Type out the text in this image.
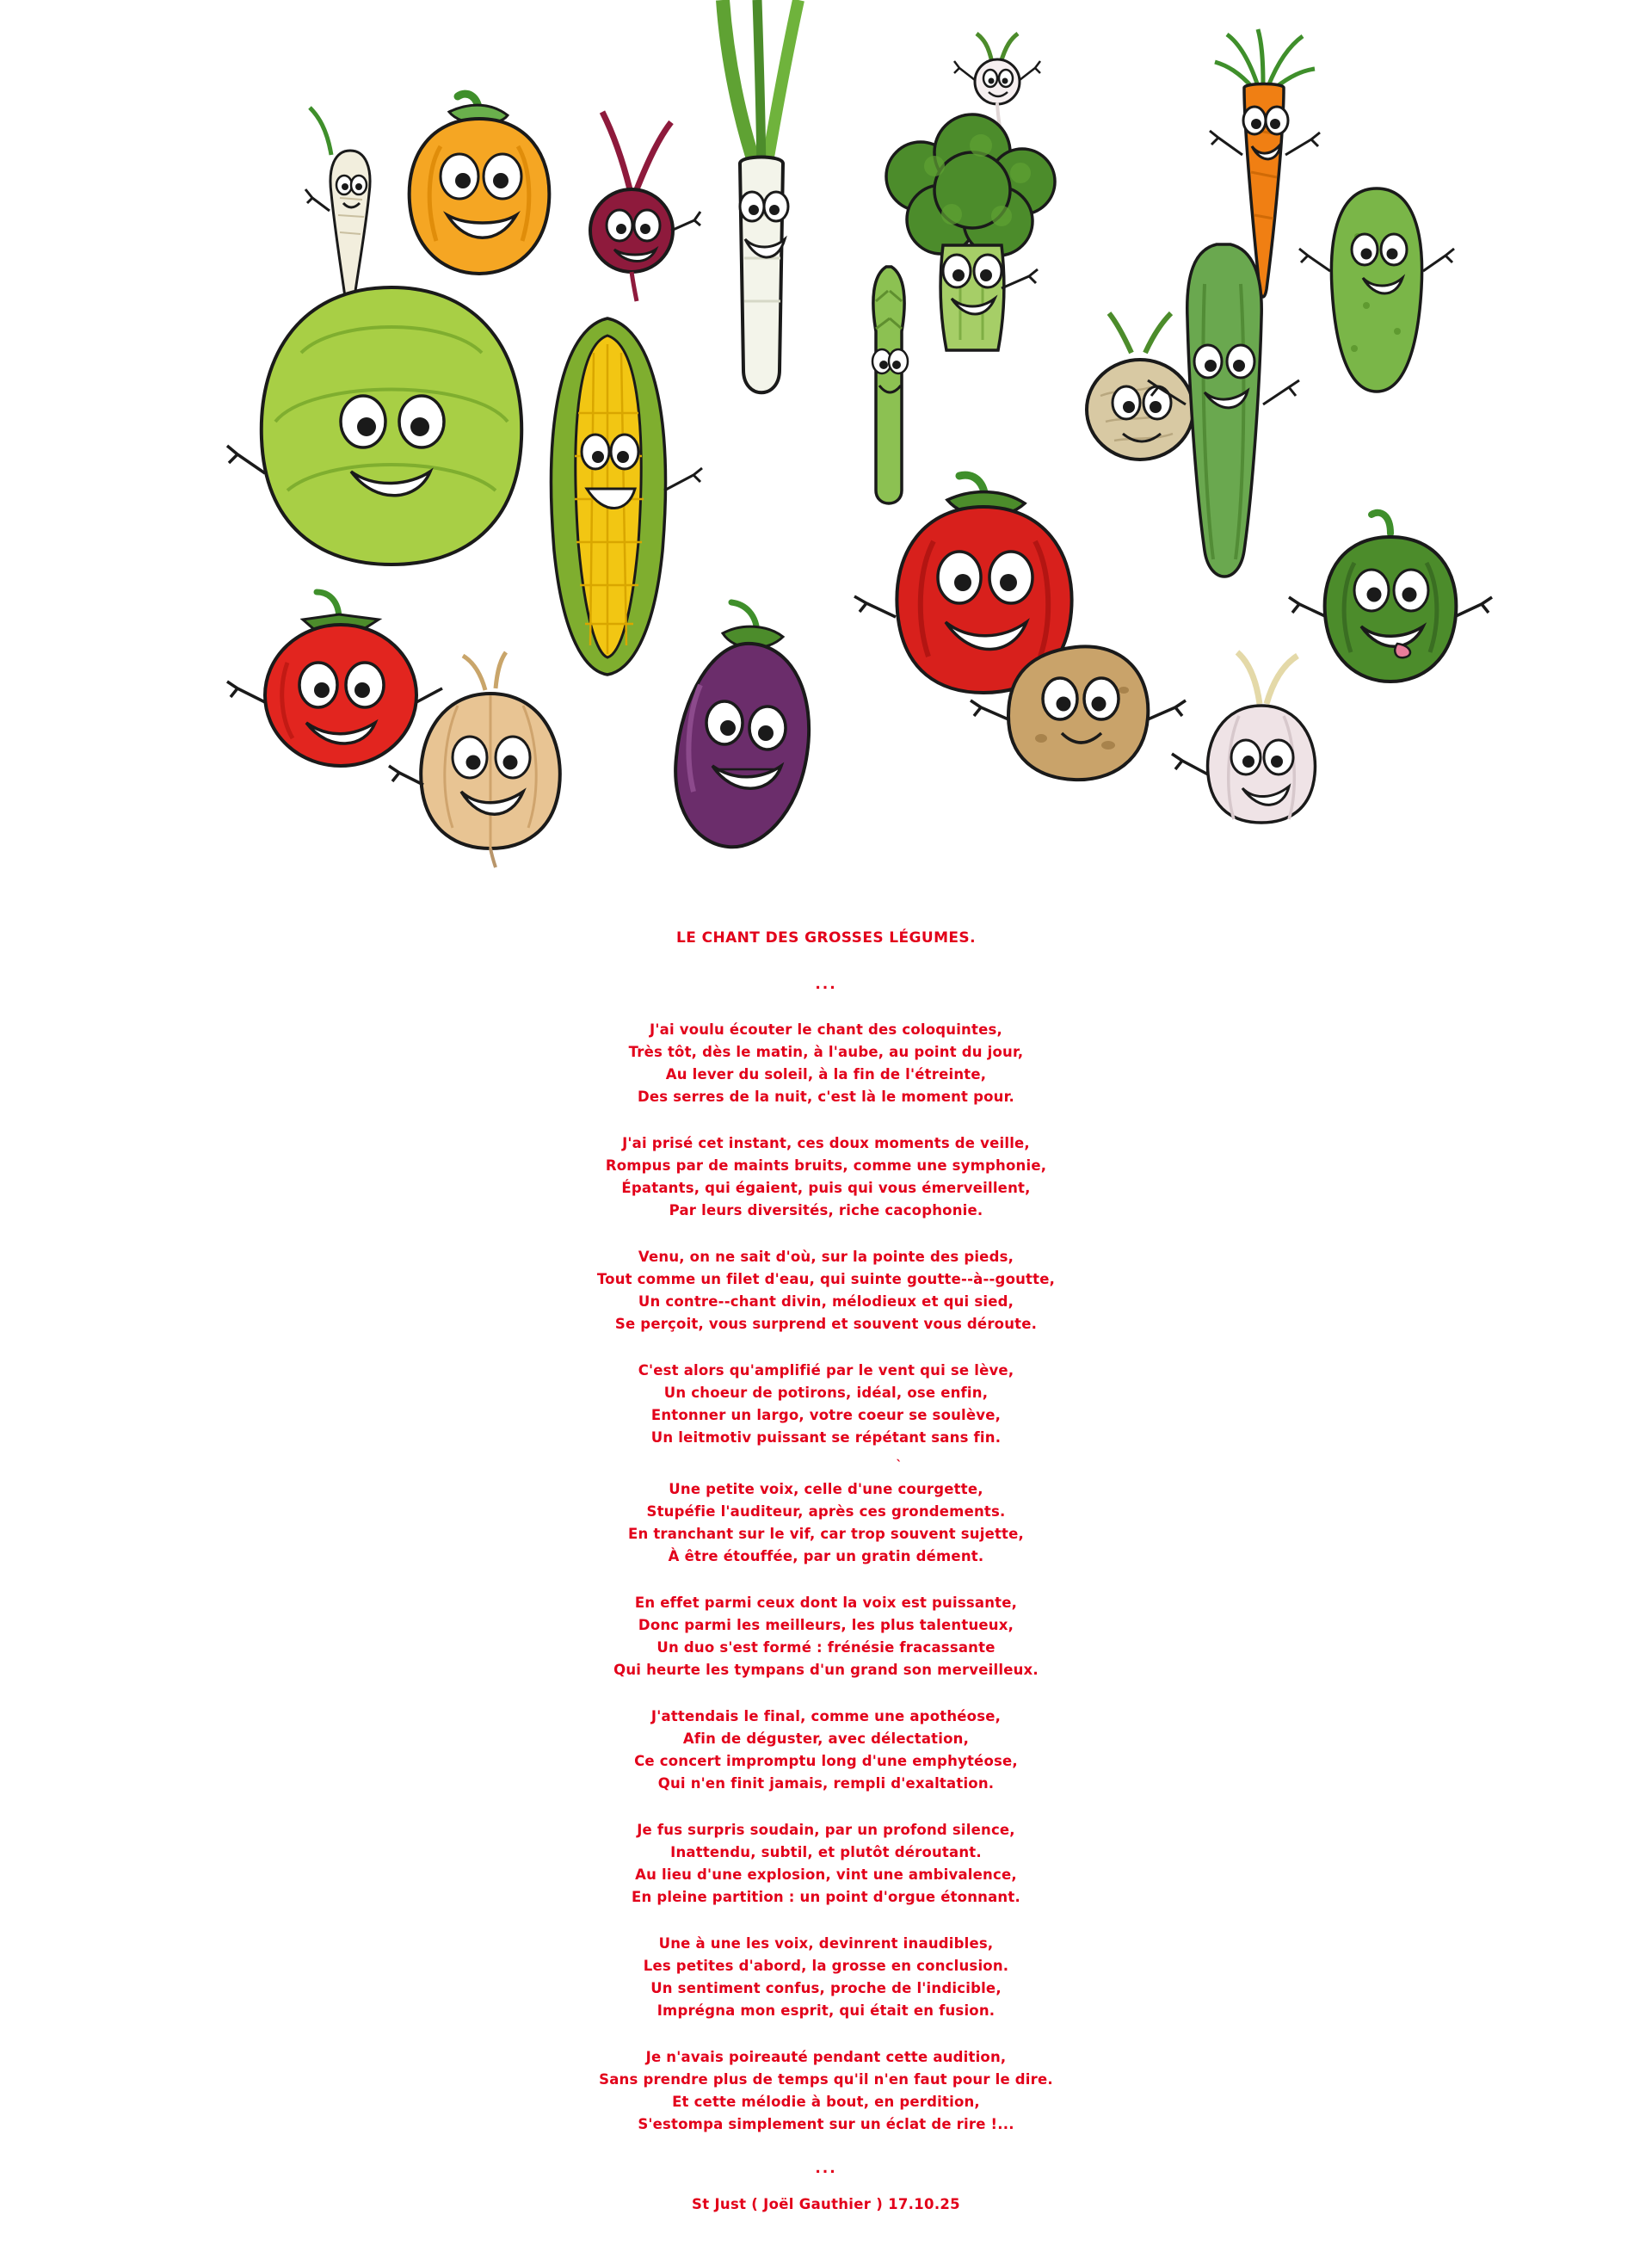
LE CHANT DES GROSSES LÉGUMES.

...

J'ai voulu écouter le chant des coloquintes,
Très tôt, dès le matin, à l'aube, au point du jour,
Au lever du soleil, à la fin de l'étreinte,
Des serres de la nuit, c'est là le moment pour.
J'ai prisé cet instant, ces doux moments de veille,
Rompus par de maints bruits, comme une symphonie,
Épatants, qui égaient, puis qui vous émerveillent,
Par leurs diversités, riche cacophonie.
Venu, on ne sait d'où, sur la pointe des pieds,
Tout comme un filet d'eau, qui suinte goutte--à--goutte,
Un contre--chant divin, mélodieux et qui sied,
Se perçoit, vous surprend et souvent vous déroute.
C'est alors qu'amplifié par le vent qui se lève,
Un choeur de potirons, idéal, ose enfin,
Entonner un largo, votre coeur se soulève,
Un leitmotiv puissant se répétant sans fin.

`

Une petite voix, celle d'une courgette,
Stupéfie l'auditeur, après ces grondements.
En tranchant sur le vif, car trop souvent sujette,
À être étouffée, par un gratin dément.
En effet parmi ceux dont la voix est puissante,
Donc parmi les meilleurs, les plus talentueux,
Un duo s'est formé : frénésie fracassante
Qui heurte les tympans d'un grand son merveilleux.
J'attendais le final, comme une apothéose,
Afin de déguster, avec délectation,
Ce concert impromptu long d'une emphytéose,
Qui n'en finit jamais, rempli d'exaltation.
Je fus surpris soudain, par un profond silence,
Inattendu, subtil, et plutôt déroutant.
Au lieu d'une explosion, vint une ambivalence,
En pleine partition : un point d'orgue étonnant.
Une à une les voix, devinrent inaudibles,
Les petites d'abord, la grosse en conclusion.
Un sentiment confus, proche de l'indicible,
Imprégna mon esprit, qui était en fusion.
Je n'avais poireauté pendant cette audition,
Sans prendre plus de temps qu'il n'en faut pour le dire.
Et cette mélodie à bout, en perdition,
S'estompa simplement sur un éclat de rire !...

...

St Just ( Joël Gauthier ) 17.10.25
